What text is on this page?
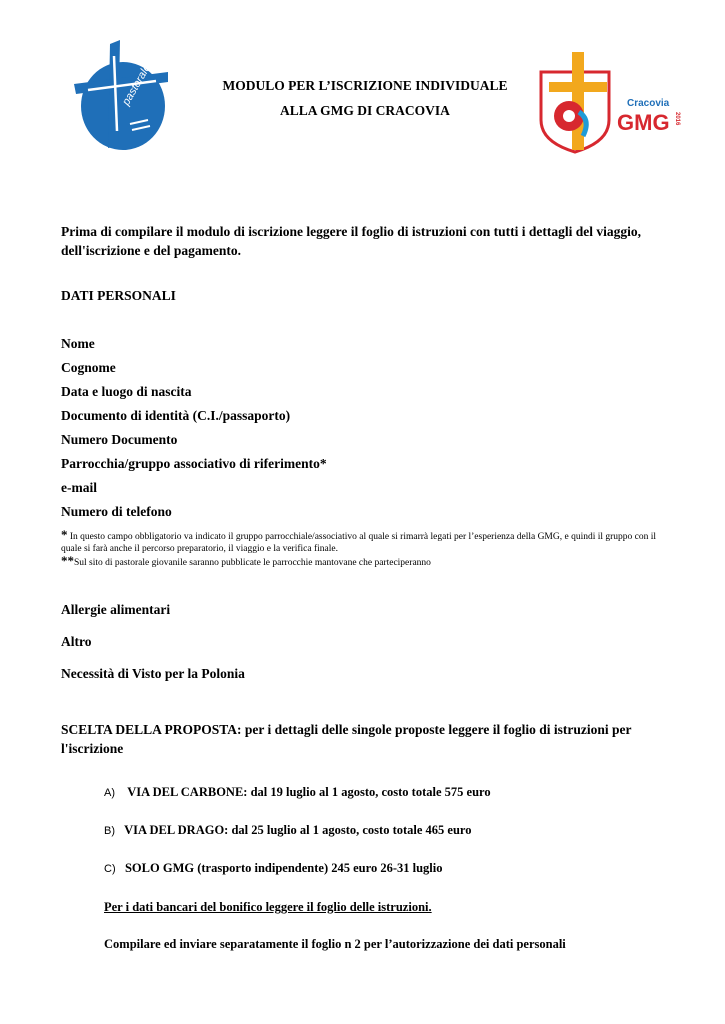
pastorale giovanile	MODULO PER L’ISCRIZIONE INDIVIDUALE
ALLA GMG DI CRACOVIA	Cracovia
GMG 2016
Prima di compilare il modulo di iscrizione leggere il foglio di istruzioni con tutti i dettagli del viaggio, dell'iscrizione e del pagamento.
DATI PERSONALI
Nome
Cognome
Data e luogo di nascita
Documento di identità (C.I./passaporto)
Numero Documento
Parrocchia/gruppo associativo di riferimento*
e-mail
Numero di telefono
* In questo campo obbligatorio va indicato il gruppo parrocchiale/associativo al quale si rimarrà legati per l’esperienza della GMG, e quindi il gruppo con il quale si farà anche il percorso preparatorio, il viaggio e la verifica finale.
**Sul sito di pastorale giovanile saranno pubblicate le parrocchie mantovane che parteciperanno
Allergie alimentari
Altro
Necessità di Visto per la Polonia
SCELTA DELLA PROPOSTA: per i dettagli delle singole proposte leggere il foglio di istruzioni per l'iscrizione
A) VIA DEL CARBONE: dal 19 luglio al 1 agosto, costo totale 575 euro
B) VIA DEL DRAGO: dal 25 luglio al 1 agosto, costo totale 465 euro
C) SOLO GMG (trasporto indipendente) 245 euro 26-31 luglio
Per i dati bancari del bonifico leggere il foglio delle istruzioni.
Compilare ed inviare separatamente il foglio n 2 per l’autorizzazione dei dati personali
